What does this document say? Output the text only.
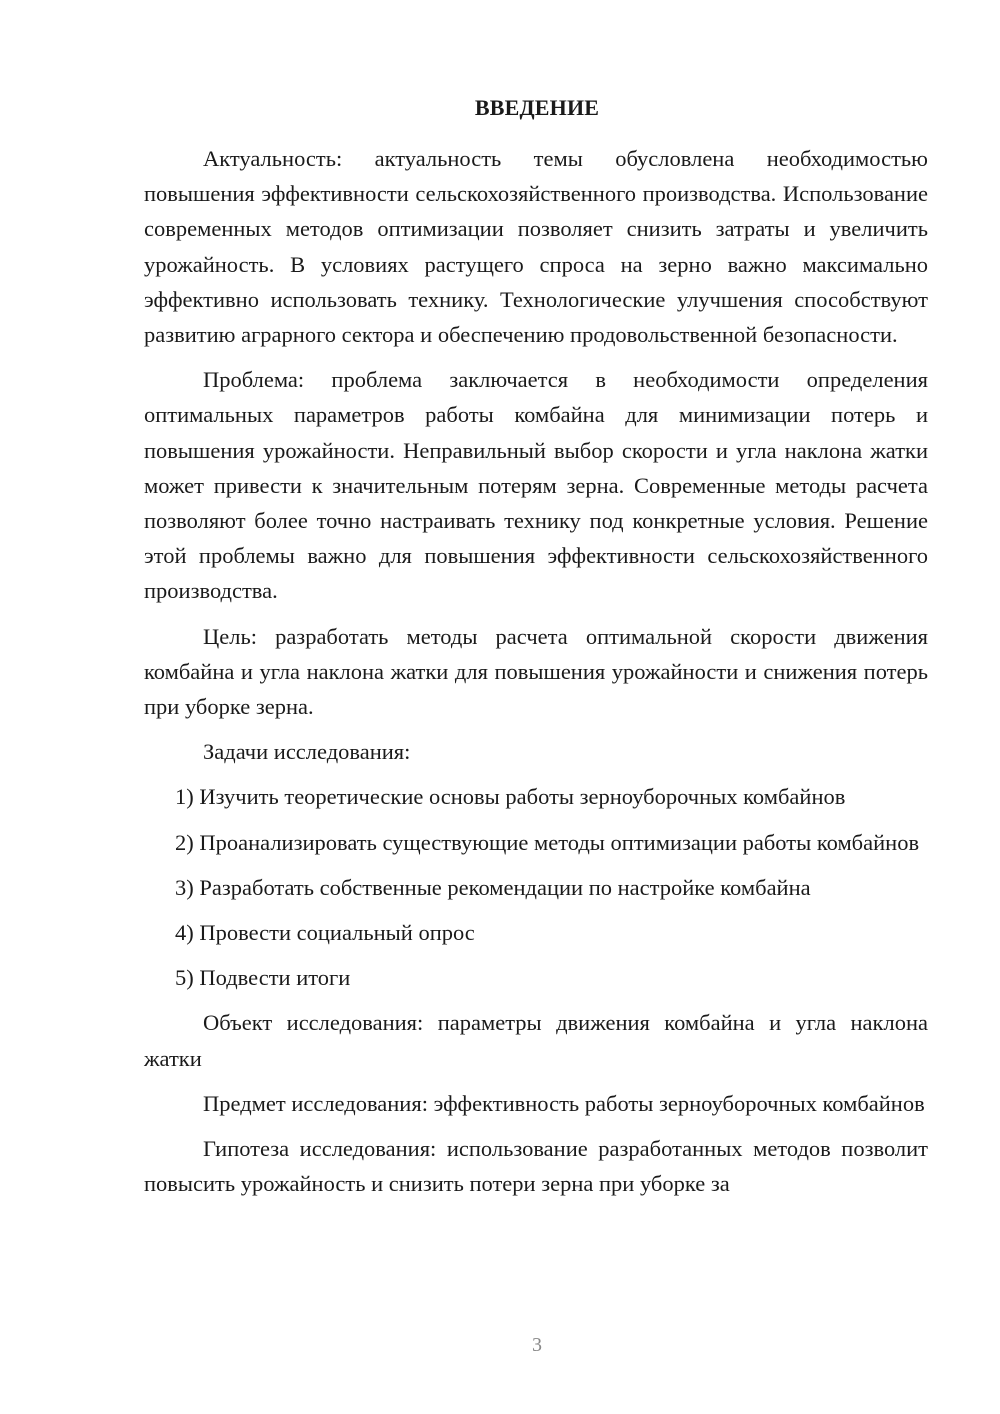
ВВЕДЕНИЕ

Актуальность: актуальность темы обусловлена необходимостью повышения эффективности сельскохозяйственного производства. Использование современных методов оптимизации позволяет снизить затраты и увеличить урожайность. В условиях растущего спроса на зерно важно максимально эффективно использовать технику. Технологические улучшения способствуют развитию аграрного сектора и обеспечению продовольственной безопасности.

Проблема: проблема заключается в необходимости определения оптимальных параметров работы комбайна для минимизации потерь и повышения урожайности. Неправильный выбор скорости и угла наклона жатки может привести к значительным потерям зерна. Современные методы расчета позволяют более точно настраивать технику под конкретные условия. Решение этой проблемы важно для повышения эффективности сельскохозяйственного производства.

Цель: разработать методы расчета оптимальной скорости движения комбайна и угла наклона жатки для повышения урожайности и снижения потерь при уборке зерна.

Задачи исследования:

1) Изучить теоретические основы работы зерноуборочных комбайнов

2) Проанализировать существующие методы оптимизации работы комбайнов

3) Разработать собственные рекомендации по настройке комбайна

4) Провести социальный опрос

5) Подвести итоги

Объект исследования: параметры движения комбайна и угла наклона жатки

Предмет исследования: эффективность работы зерноуборочных комбайнов

Гипотеза исследования: использование разработанных методов позволит повысить урожайность и снизить потери зерна при уборке за

3
